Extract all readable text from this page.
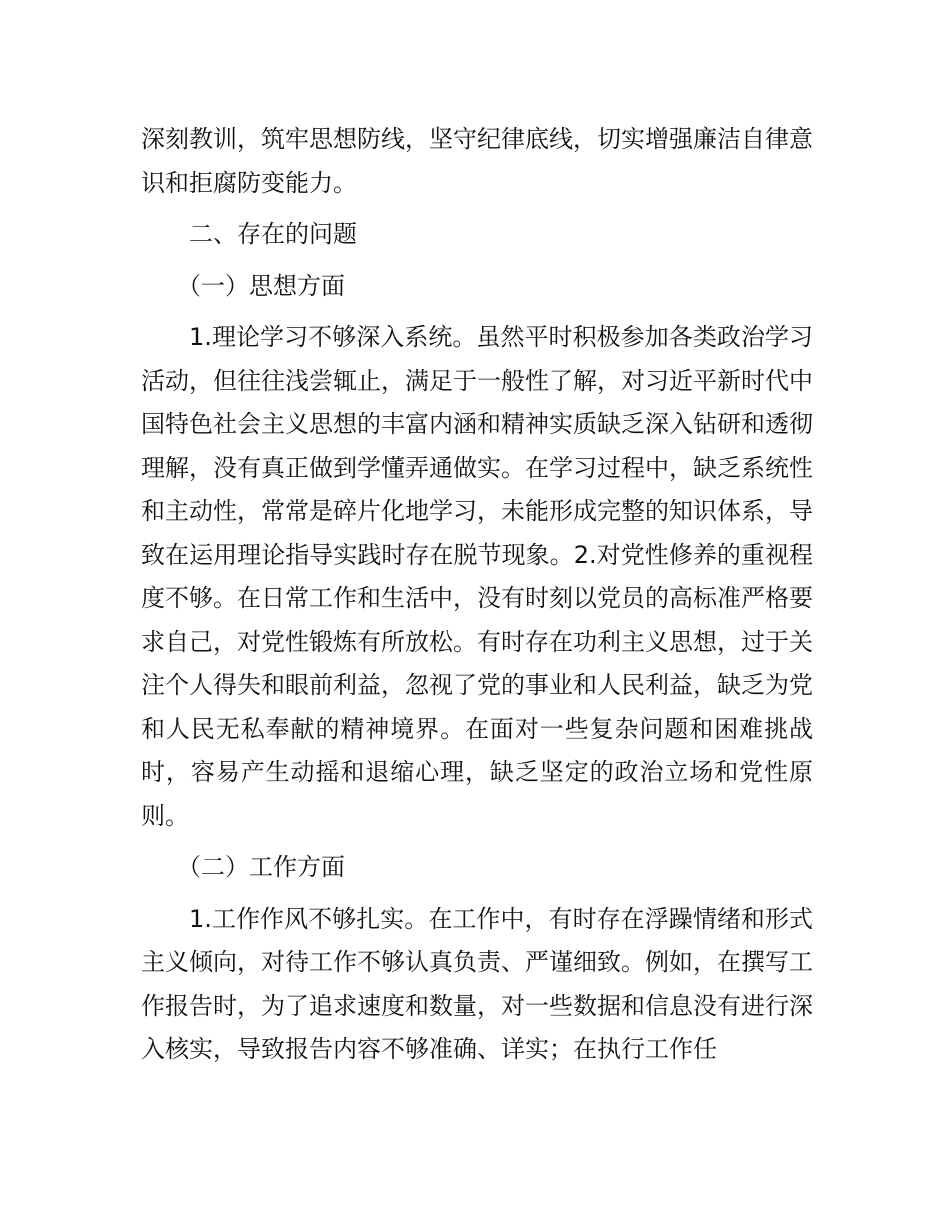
深刻教训，筑牢思想防线，坚守纪律底线，切实增强廉洁自律意识和拒腐防变能力。

二、存在的问题

（一）思想方面

1.理论学习不够深入系统。虽然平时积极参加各类政治学习活动，但往往浅尝辄止，满足于一般性了解，对习近平新时代中国特色社会主义思想的丰富内涵和精神实质缺乏深入钻研和透彻理解，没有真正做到学懂弄通做实。在学习过程中，缺乏系统性和主动性，常常是碎片化地学习，未能形成完整的知识体系，导致在运用理论指导实践时存在脱节现象。2.对党性修养的重视程度不够。在日常工作和生活中，没有时刻以党员的高标准严格要求自己，对党性锻炼有所放松。有时存在功利主义思想，过于关注个人得失和眼前利益，忽视了党的事业和人民利益，缺乏为党和人民无私奉献的精神境界。在面对一些复杂问题和困难挑战时，容易产生动摇和退缩心理，缺乏坚定的政治立场和党性原则。

（二）工作方面

1.工作作风不够扎实。在工作中，有时存在浮躁情绪和形式主义倾向，对待工作不够认真负责、严谨细致。例如，在撰写工作报告时，为了追求速度和数量，对一些数据和信息没有进行深入核实，导致报告内容不够准确、详实；在执行工作任
